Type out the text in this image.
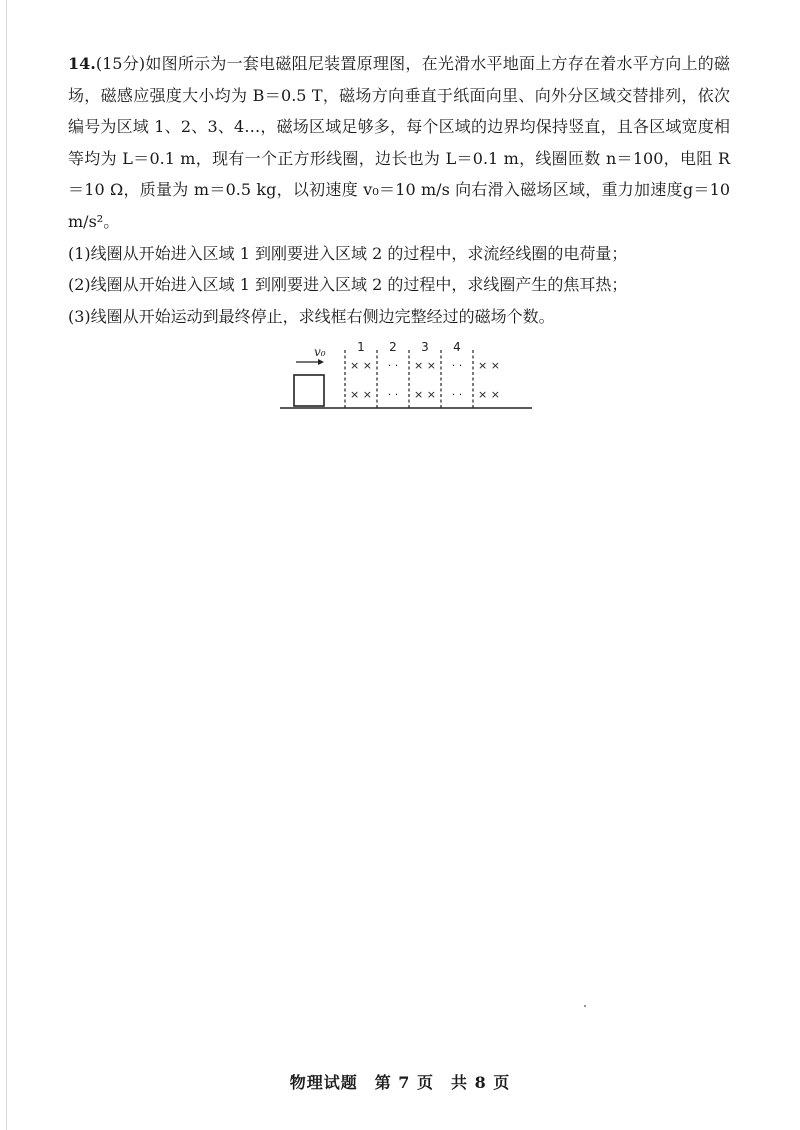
14.(15分)如图所示为一套电磁阻尼装置原理图，在光滑水平地面上方存在着水平方向上的磁场，磁感应强度大小均为 B＝0.5 T，磁场方向垂直于纸面向里、向外分区域交替排列，依次编号为区域 1、2、3、4…，磁场区域足够多，每个区域的边界均保持竖直，且各区域宽度相等均为 L＝0.1 m，现有一个正方形线圈，边长也为 L＝0.1 m，线圈匝数 n＝100，电阻 R＝10 Ω，质量为 m＝0.5 kg，以初速度 v₀＝10 m/s 向右滑入磁场区域，重力加速度g＝10 m/s²。

(1)线圈从开始进入区域 1 到刚要进入区域 2 的过程中，求流经线圈的电荷量；

(2)线圈从开始进入区域 1 到刚要进入区域 2 的过程中，求线圈产生的焦耳热；

(3)线圈从开始运动到最终停止，求线框右侧边完整经过的磁场个数。

v₀	1 2 3 4
× × · · × × · · × ×
× × · · × × · · × ×
物理试题　第 7 页　共 8 页
